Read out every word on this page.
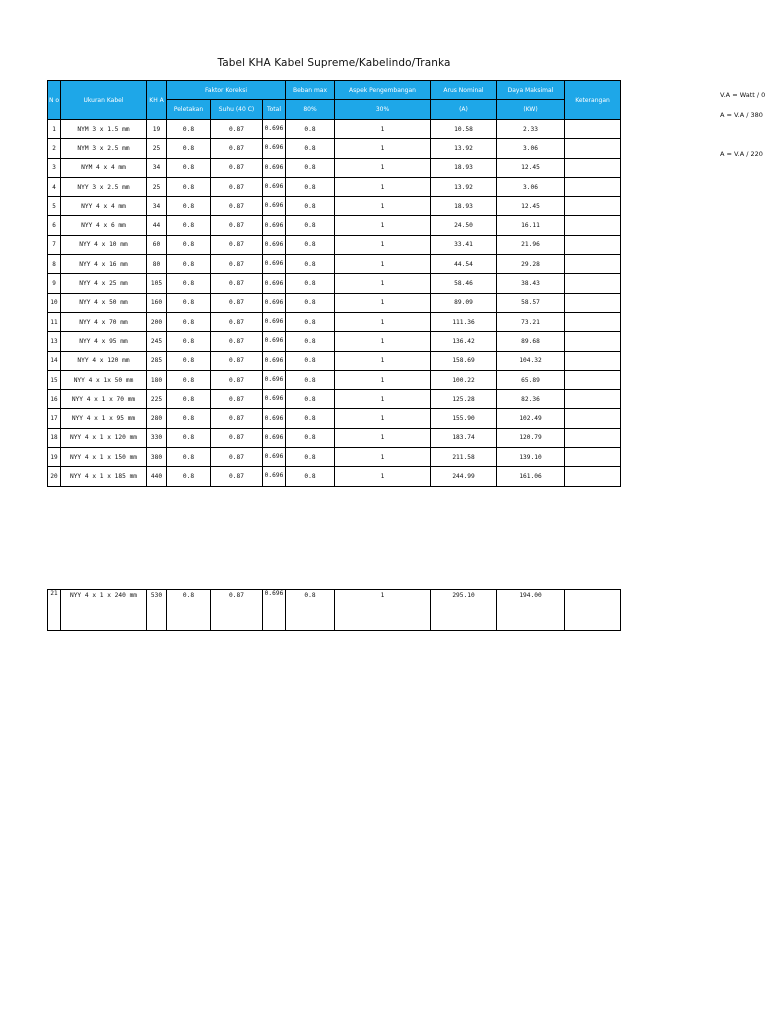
Tabel KHA Kabel Supreme/Kabelindo/Tranka
V.A = Watt / 0
A = V.A / 380
A = V.A / 220
N o	Ukuran Kabel	KH A	Faktor Koreksi			Beban max	Aspek Pengembangan	Arus Nominal	Daya Maksimal	Keterangan
			Peletakan	Suhu (40 C)	Total	80%	30%	(A)	(KW)	
1	NYM 3 x 1.5 mm	19	0.8	0.87	0.696	0.8	1	10.58	2.33	
2	NYM 3 x 2.5 mm	25	0.8	0.87	0.696	0.8	1	13.92	3.06	
3	NYM 4 x 4 mm	34	0.8	0.87	0.696	0.8	1	18.93	12.45	
4	NYY 3 x 2.5 mm	25	0.8	0.87	0.696	0.8	1	13.92	3.06	
5	NYY 4 x 4 mm	34	0.8	0.87	0.696	0.8	1	18.93	12.45	
6	NYY 4 x 6 mm	44	0.8	0.87	0.696	0.8	1	24.50	16.11	
7	NYY 4 x 10 mm	60	0.8	0.87	0.696	0.8	1	33.41	21.96	
8	NYY 4 x 16 mm	80	0.8	0.87	0.696	0.8	1	44.54	29.28	
9	NYY 4 x 25 mm	105	0.8	0.87	0.696	0.8	1	58.46	38.43	
10	NYY 4 x 50 mm	160	0.8	0.87	0.696	0.8	1	89.09	58.57	
11	NYY 4 x 70 mm	200	0.8	0.87	0.696	0.8	1	111.36	73.21	
13	NYY 4 x 95 mm	245	0.8	0.87	0.696	0.8	1	136.42	89.68	
14	NYY 4 x 120 mm	285	0.8	0.87	0.696	0.8	1	158.69	104.32	
15	NYY 4 x 1x 50 mm	180	0.8	0.87	0.696	0.8	1	100.22	65.89	
16	NYY 4 x 1 x 70 mm	225	0.8	0.87	0.696	0.8	1	125.28	82.36	
17	NYY 4 x 1 x 95 mm	280	0.8	0.87	0.696	0.8	1	155.90	102.49	
18	NYY 4 x 1 x 120 mm	330	0.8	0.87	0.696	0.8	1	183.74	120.79	
19	NYY 4 x 1 x 150 mm	380	0.8	0.87	0.696	0.8	1	211.58	139.10	
20	NYY 4 x 1 x 185 mm	440	0.8	0.87	0.696	0.8	1	244.99	161.06	
21	NYY 4 x 1 x 240 mm	530	0.8	0.87	0.696	0.8	1	295.10	194.00	
